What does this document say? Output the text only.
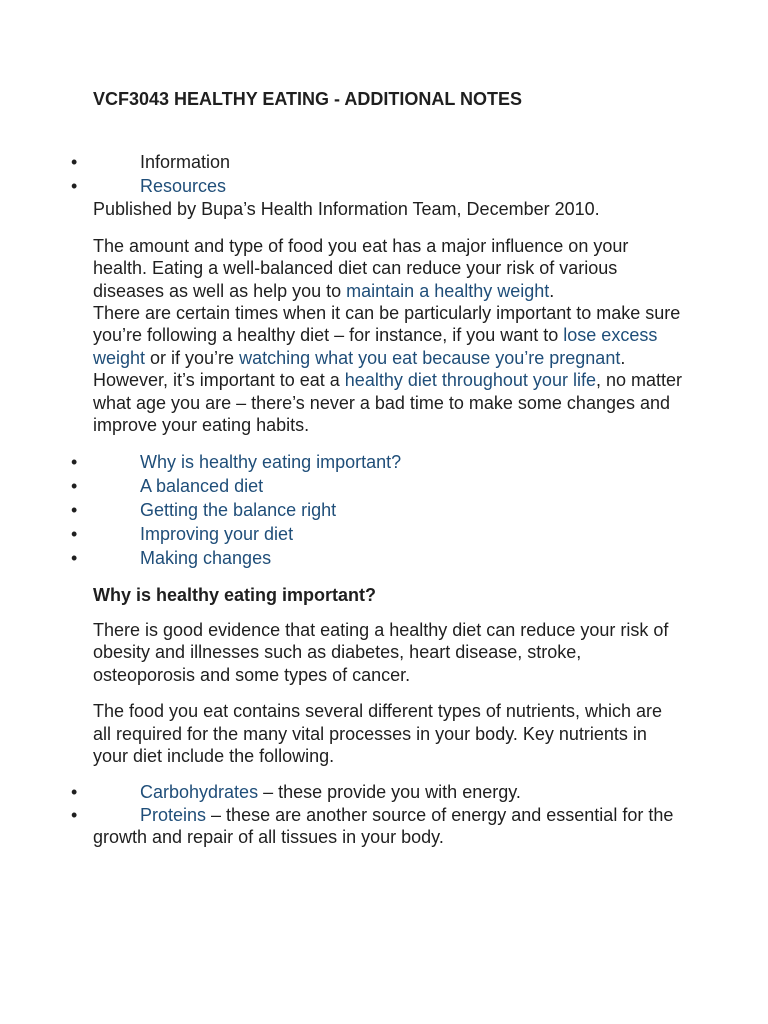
VCF3043 HEALTHY EATING - ADDITIONAL NOTES
•	Information
•	Resources

Published by Bupa’s Health Information Team, December 2010.

The amount and type of food you eat has a major influence on your health. Eating a well-balanced diet can reduce your risk of various diseases as well as help you to maintain a healthy weight.

There are certain times when it can be particularly important to make sure you’re following a healthy diet – for instance, if you want to lose excess weight or if you’re watching what you eat because you’re pregnant. However, it’s important to eat a healthy diet throughout your life, no matter what age you are – there’s never a bad time to make some changes and improve your eating habits.

•	Why is healthy eating important?
•	A balanced diet
•	Getting the balance right
•	Improving your diet
•	Making changes
Why is healthy eating important?

There is good evidence that eating a healthy diet can reduce your risk of obesity and illnesses such as diabetes, heart disease, stroke, osteoporosis and some types of cancer.

The food you eat contains several different types of nutrients, which are all required for the many vital processes in your body. Key nutrients in your diet include the following.

•	Carbohydrates – these provide you with energy.
•	Proteins – these are another source of energy and essential for the growth and repair of all tissues in your body.
